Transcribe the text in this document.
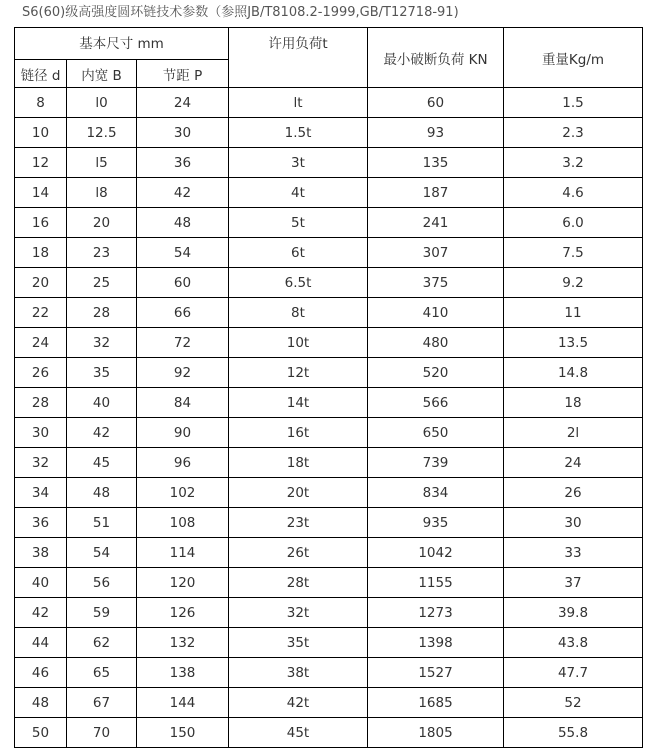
S6(60)级高强度圆环链技术参数（参照JB/T8108.2-1999,GB/T12718-91)
基本尺寸 mm			许用负荷t	最小破断负荷 KN	重量Kg/m
链径 d	内宽 B	节距 P			
8	l0	24	lt	60	1.5
10	12.5	30	1.5t	93	2.3
12	l5	36	3t	135	3.2
14	l8	42	4t	187	4.6
16	20	48	5t	241	6.0
18	23	54	6t	307	7.5
20	25	60	6.5t	375	9.2
22	28	66	8t	410	11
24	32	72	10t	480	13.5
26	35	92	12t	520	14.8
28	40	84	14t	566	18
30	42	90	16t	650	2l
32	45	96	18t	739	24
34	48	102	20t	834	26
36	51	108	23t	935	30
38	54	114	26t	1042	33
40	56	120	28t	1155	37
42	59	126	32t	1273	39.8
44	62	132	35t	1398	43.8
46	65	138	38t	1527	47.7
48	67	144	42t	1685	52
50	70	150	45t	1805	55.8
